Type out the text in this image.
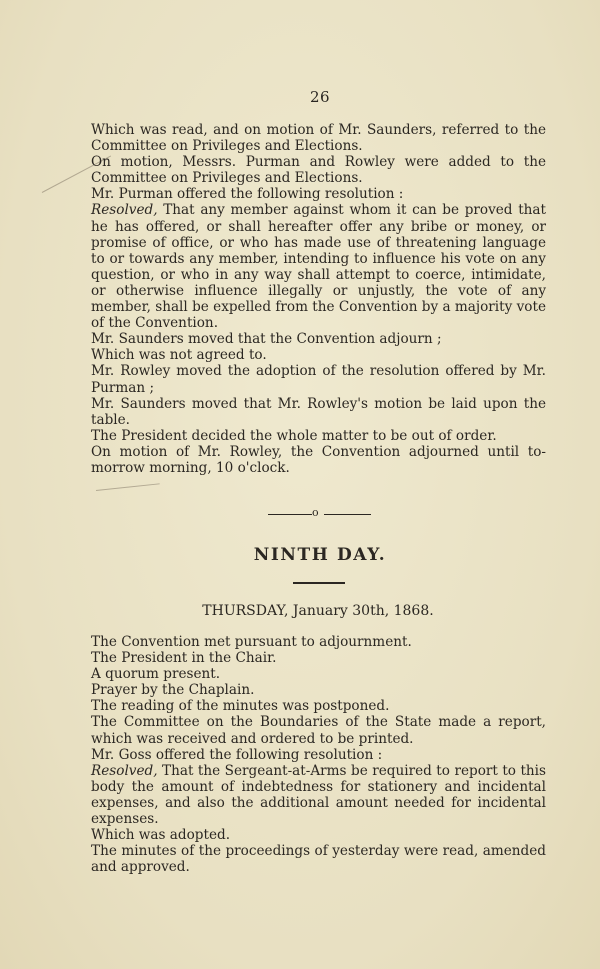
26

Which was read, and on motion of Mr. Saunders, referred to the Committee on Privileges and Elections.

On motion, Messrs. Purman and Rowley were added to the Committee on Privileges and Elections.

Mr. Purman offered the following resolution :

Resolved, That any member against whom it can be proved that he has offered, or shall hereafter offer any bribe or money, or promise of office, or who has made use of threatening language to or towards any member, intending to influence his vote on any question, or who in any way shall attempt to coerce, intimidate, or otherwise influence illegally or unjustly, the vote of any member, shall be expelled from the Convention by a majority vote of the Convention.

Mr. Saunders moved that the Convention adjourn ;

Which was not agreed to.

Mr. Rowley moved the adoption of the resolution offered by Mr. Purman ;

Mr. Saunders moved that Mr. Rowley's motion be laid upon the table.

The President decided the whole matter to be out of order.

On motion of Mr. Rowley, the Convention adjourned until to-morrow morning, 10 o'clock.

o
NINTH DAY.
THURSDAY, January 30th, 1868.

The Convention met pursuant to adjournment.

The President in the Chair.

A quorum present.

Prayer by the Chaplain.

The reading of the minutes was postponed.

The Committee on the Boundaries of the State made a report, which was received and ordered to be printed.

Mr. Goss offered the following resolution :

Resolved, That the Sergeant-at-Arms be required to report to this body the amount of indebtedness for stationery and incidental expenses, and also the additional amount needed for incidental expenses.

Which was adopted.

The minutes of the proceedings of yesterday were read, amended and approved.
